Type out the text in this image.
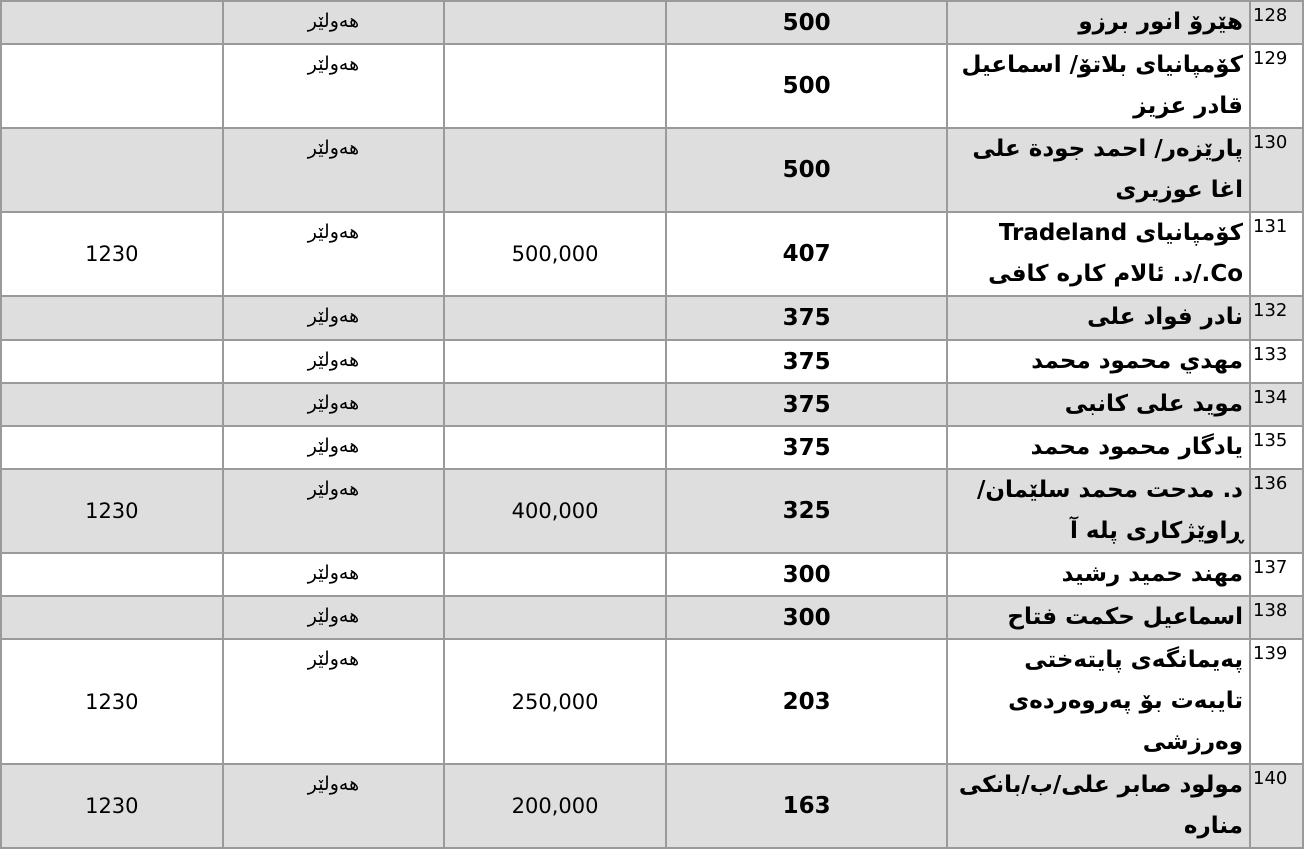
	هەولێر		500	هێرۆ انور برزو	128
	هەولێر		500	کۆمپانیای بلاتۆ/ اسماعیل قادر عزیز	129
	هەولێر		500	پارێزەر/ احمد جودة علی اغا عوزیری	130
1230	هەولێر	500,000	407	کۆمپانیای Tradeland Co./د. ئالام کاره کافی	131
	هەولێر		375	نادر فواد علی	132
	هەولێر		375	مهدي محمود محمد	133
	هەولێر		375	موید علی کانبی	134
	هەولێر		375	یادگار محمود محمد	135
1230	هەولێر	400,000	325	د. مدحت محمد سلێمان/ ڕاوێژکاری پله آ	136
	هەولێر		300	مهند حمید رشید	137
	هەولێر		300	اسماعیل حکمت فتاح	138
1230	هەولێر	250,000	203	پەیمانگەی پایتەختی تایبەت بۆ پەروەردەی وەرزشی	139
1230	هەولێر	200,000	163	مولود صابر علی/ب/بانکی مناره	140
